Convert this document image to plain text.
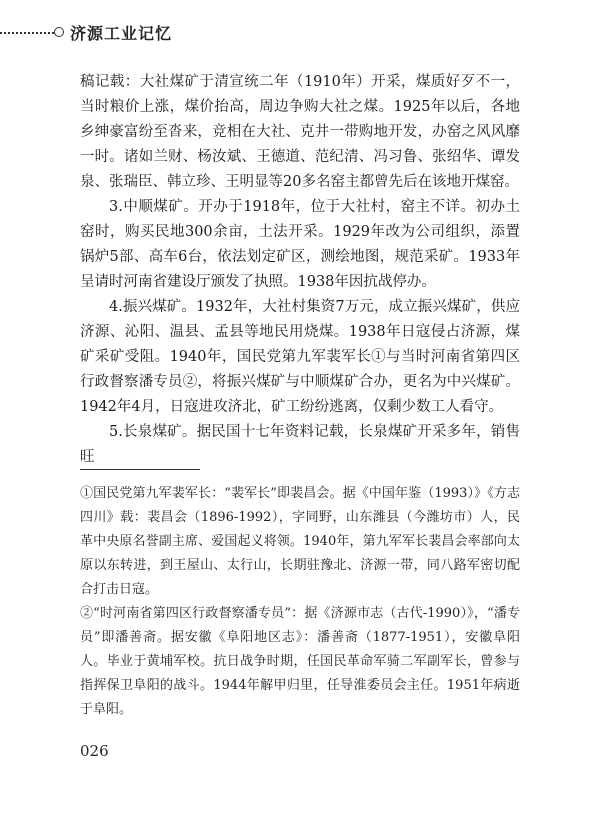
济源工业记忆

稿记载：大社煤矿于清宣统二年（1910年）开采，煤质好歹不一，当时粮价上涨，煤价抬高，周边争购大社之煤。1925年以后，各地乡绅豪富纷至沓来，竞相在大社、克井一带购地开发，办窑之风风靡一时。诸如兰财、杨汝斌、王德道、范纪清、冯习鲁、张绍华、谭发泉、张瑞臣、韩立珍、王明显等20多名窑主都曾先后在该地开煤窑。

3.中顺煤矿。开办于1918年，位于大社村，窑主不详。初办土窑时，购买民地300余亩，土法开采。1929年改为公司组织，添置锅炉5部、高车6台，依法划定矿区，测绘地图，规范采矿。1933年呈请时河南省建设厅颁发了执照。1938年因抗战停办。

4.振兴煤矿。1932年，大社村集资7万元，成立振兴煤矿，供应济源、沁阳、温县、孟县等地民用烧煤。1938年日寇侵占济源，煤矿采矿受阻。1940年，国民党第九军裴军长①与当时河南省第四区行政督察潘专员②，将振兴煤矿与中顺煤矿合办，更名为中兴煤矿。1942年4月，日寇进攻济北，矿工纷纷逃离，仅剩少数工人看守。

5.长泉煤矿。据民国十七年资料记载，长泉煤矿开采多年，销售旺

①国民党第九军裴军长：“裴军长”即裴昌会。据《中国年鉴（1993）》《方志四川》载：裴昌会（1896-1992），字同野，山东潍县（今潍坊市）人，民革中央原名誉副主席、爱国起义将领。1940年，第九军军长裴昌会率部向太原以东转进，到王屋山、太行山，长期驻豫北、济源一带，同八路军密切配合打击日寇。

②“时河南省第四区行政督察潘专员”：据《济源市志（古代-1990）》，“潘专员”即潘善斋。据安徽《阜阳地区志》：潘善斋（1877-1951），安徽阜阳人。毕业于黄埔军校。抗日战争时期，任国民革命军骑二军副军长，曾参与指挥保卫阜阳的战斗。1944年解甲归里，任导淮委员会主任。1951年病逝于阜阳。

026
